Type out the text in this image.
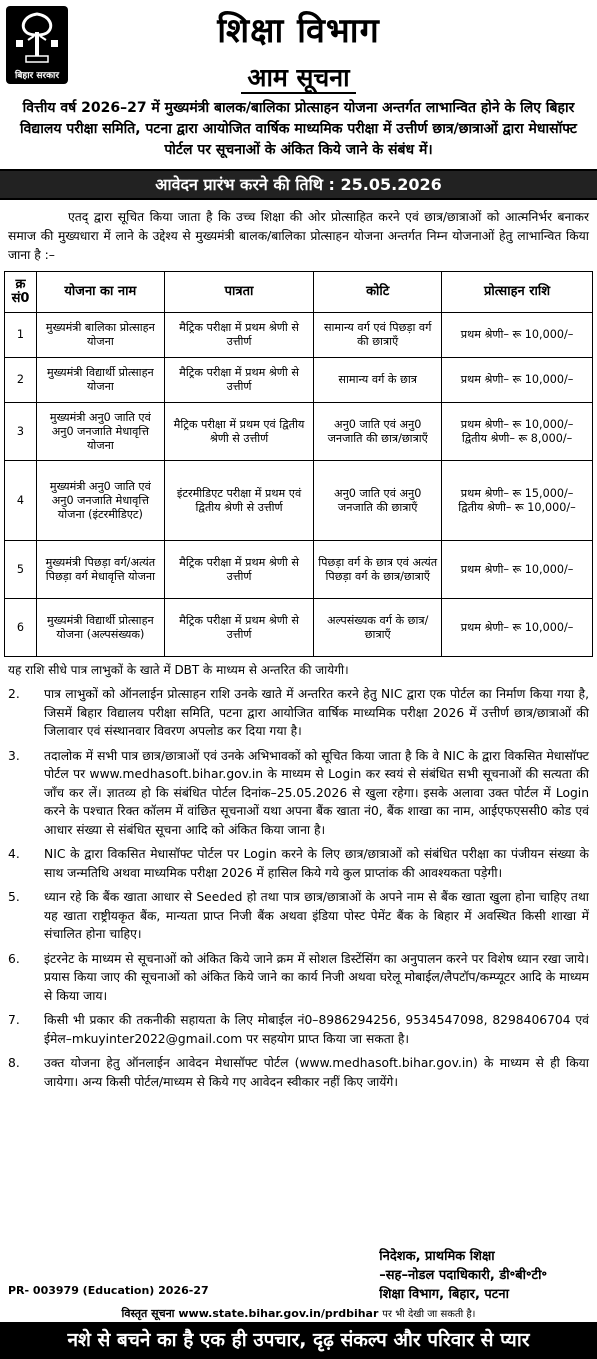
बिहार सरकार
शिक्षा विभाग
आम सूचना
वित्तीय वर्ष 2026–27 में मुख्यमंत्री बालक/बालिका प्रोत्साहन योजना अन्तर्गत लाभान्वित होने के लिए बिहार विद्यालय परीक्षा समिति, पटना द्वारा आयोजित वार्षिक माध्यमिक परीक्षा में उत्तीर्ण छात्र/छात्राओं द्वारा मेधासॉफ्ट पोर्टल पर सूचनाओं के अंकित किये जाने के संबंध में।
आवेदन प्रारंभ करने की तिथि : 25.05.2026
एतद् द्वारा सूचित किया जाता है कि उच्च शिक्षा की ओर प्रोत्साहित करने एवं छात्र/छात्राओं को आत्मनिर्भर बनाकर समाज की मुख्यधारा में लाने के उद्देश्य से मुख्यमंत्री बालक/बालिका प्रोत्साहन योजना अन्तर्गत निम्न योजनाओं हेतु लाभान्वित किया जाना है :–
क्र सं0	योजना का नाम	पात्रता	कोटि	प्रोत्साहन राशि
1	मुख्यमंत्री बालिका प्रोत्साहन योजना	मैट्रिक परीक्षा में प्रथम श्रेणी से उत्तीर्ण	सामान्य वर्ग एवं पिछड़ा वर्ग की छात्राएँ	प्रथम श्रेणी– रू 10,000/–

2	मुख्यमंत्री विद्यार्थी प्रोत्साहन योजना	मैट्रिक परीक्षा में प्रथम श्रेणी से उत्तीर्ण	सामान्य वर्ग के छात्र	प्रथम श्रेणी– रू 10,000/–

3	मुख्यमंत्री अनु0 जाति एवं अनु0 जनजाति मेधावृत्ति योजना	मैट्रिक परीक्षा में प्रथम एवं द्वितीय श्रेणी से उत्तीर्ण	अनु0 जाति एवं अनु0 जनजाति की छात्र/छात्राएँ	प्रथम श्रेणी– रू 10,000/–
द्वितीय श्रेणी– रू 8,000/–

4	मुख्यमंत्री अनु0 जाति एवं अनु0 जनजाति मेधावृत्ति योजना (इंटरमीडिएट)	इंटरमीडिएट परीक्षा में प्रथम एवं द्वितीय श्रेणी से उत्तीर्ण	अनु0 जाति एवं अनु0 जनजाति की छात्राएँ	प्रथम श्रेणी– रू 15,000/–
द्वितीय श्रेणी– रू 10,000/–

5	मुख्यमंत्री पिछड़ा वर्ग/अत्यंत पिछड़ा वर्ग मेधावृत्ति योजना	मैट्रिक परीक्षा में प्रथम श्रेणी से उत्तीर्ण	पिछड़ा वर्ग के छात्र एवं अत्यंत पिछड़ा वर्ग के छात्र/छात्राएँ	प्रथम श्रेणी– रू 10,000/–

6	मुख्यमंत्री विद्यार्थी प्रोत्साहन योजना (अल्पसंख्यक)	मैट्रिक परीक्षा में प्रथम श्रेणी से उत्तीर्ण	अल्पसंख्यक वर्ग के छात्र/छात्राएँ	प्रथम श्रेणी– रू 10,000/–
यह राशि सीधे पात्र लाभुकों के खाते में DBT के माध्यम से अन्तरित की जायेगी।
2.	पात्र लाभुकों को ऑनलाईन प्रोत्साहन राशि उनके खाते में अन्तरित करने हेतु NIC द्वारा एक पोर्टल का निर्माण किया गया है, जिसमें बिहार विद्यालय परीक्षा समिति, पटना द्वारा आयोजित वार्षिक माध्यमिक परीक्षा 2026 में उत्तीर्ण छात्र/छात्राओं की जिलावार एवं संस्थानवार विवरण अपलोड कर दिया गया है।
3.	तदालोक में सभी पात्र छात्र/छात्राओं एवं उनके अभिभावकों को सूचित किया जाता है कि वे NIC के द्वारा विकसित मेधासॉफ्ट पोर्टल पर www.medhasoft.bihar.gov.in के माध्यम से Login कर स्वयं से संबंधित सभी सूचनाओं की सत्यता की जाँच कर लें। ज्ञातव्य हो कि संबंधित पोर्टल दिनांक–25.05.2026 से खुला रहेगा। इसके अलावा उक्त पोर्टल में Login करने के पश्चात रिक्त कॉलम में वांछित सूचनाओं यथा अपना बैंक खाता नं0, बैंक शाखा का नाम, आईएफएससी0 कोड एवं आधार संख्या से संबंधित सूचना आदि को अंकित किया जाना है।
4.	NIC के द्वारा विकसित मेधासॉफ्ट पोर्टल पर Login करने के लिए छात्र/छात्राओं को संबंधित परीक्षा का पंजीयन संख्या के साथ जन्मतिथि अथवा माध्यमिक परीक्षा 2026 में हासिल किये गये कुल प्राप्तांक की आवश्यकता पड़ेगी।
5.	ध्यान रहे कि बैंक खाता आधार से Seeded हो तथा पात्र छात्र/छात्राओं के अपने नाम से बैंक खाता खुला होना चाहिए तथा यह खाता राष्ट्रीयकृत बैंक, मान्यता प्राप्त निजी बैंक अथवा इंडिया पोस्ट पेमेंट बैंक के बिहार में अवस्थित किसी शाखा में संचालित होना चाहिए।
6.	इंटरनेट के माध्यम से सूचनाओं को अंकित किये जाने क्रम में सोशल डिस्टेंसिंग का अनुपालन करने पर विशेष ध्यान रखा जाये। प्रयास किया जाए की सूचनाओं को अंकित किये जाने का कार्य निजी अथवा घरेलू मोबाईल/लैपटॉप/कम्प्यूटर आदि के माध्यम से किया जाय।
7.	किसी भी प्रकार की तकनीकी सहायता के लिए मोबाईल नं0–8986294256, 9534547098, 8298406704 एवं ईमेल–mkuyinter2022@gmail.com पर सहयोग प्राप्त किया जा सकता है।
8.	उक्त योजना हेतु ऑनलाईन आवेदन मेधासॉफ्ट पोर्टल (www.medhasoft.bihar.gov.in) के माध्यम से ही किया जायेगा। अन्य किसी पोर्टल/माध्यम से किये गए आवेदन स्वीकार नहीं किए जायेंगे।
निदेशक, प्राथमिक शिक्षा
–सह–नोडल पदाधिकारी, डी॰बी॰टी॰
शिक्षा विभाग, बिहार, पटना
PR- 003979 (Education) 2026-27
विस्तृत सूचना www.state.bihar.gov.in/prdbihar पर भी देखी जा सकती है।
नशे से बचने का है एक ही उपचार, दृढ़ संकल्प और परिवार से प्यार
